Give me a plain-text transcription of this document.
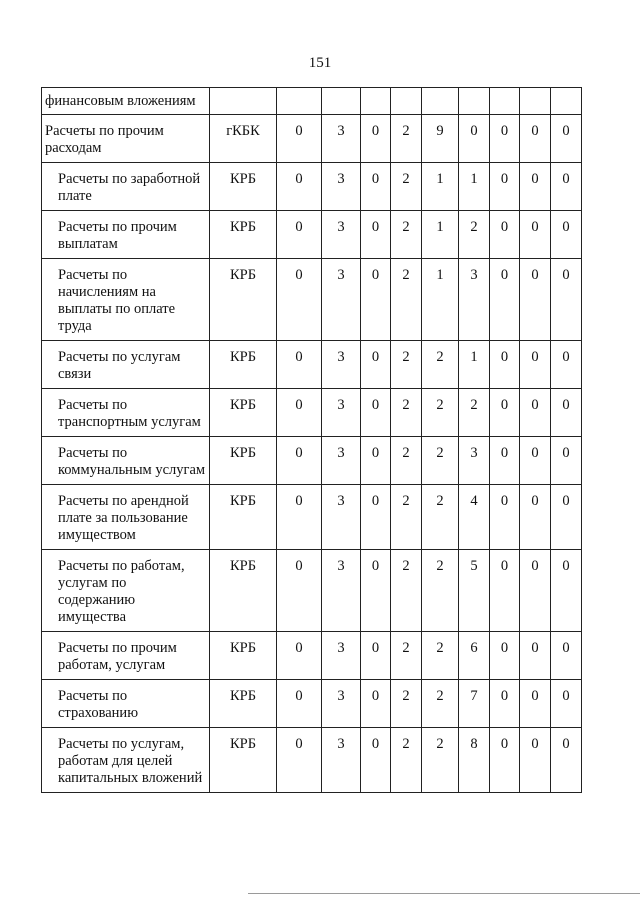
151
финансовым вложениям										
Расчеты по прочим расходам	гКБК	0	3	0	2	9	0	0	0	0
Расчеты по заработной плате	КРБ	0	3	0	2	1	1	0	0	0
Расчеты по прочим выплатам	КРБ	0	3	0	2	1	2	0	0	0
Расчеты по начислениям на выплаты по оплате труда	КРБ	0	3	0	2	1	3	0	0	0
Расчеты по услугам связи	КРБ	0	3	0	2	2	1	0	0	0
Расчеты по транспортным услугам	КРБ	0	3	0	2	2	2	0	0	0
Расчеты по коммунальным услугам	КРБ	0	3	0	2	2	3	0	0	0
Расчеты по арендной плате за пользование имуществом	КРБ	0	3	0	2	2	4	0	0	0
Расчеты по работам, услугам по содержанию имущества	КРБ	0	3	0	2	2	5	0	0	0
Расчеты по прочим работам, услугам	КРБ	0	3	0	2	2	6	0	0	0
Расчеты по страхованию	КРБ	0	3	0	2	2	7	0	0	0
Расчеты по услугам, работам для целей капитальных вложений	КРБ	0	3	0	2	2	8	0	0	0
